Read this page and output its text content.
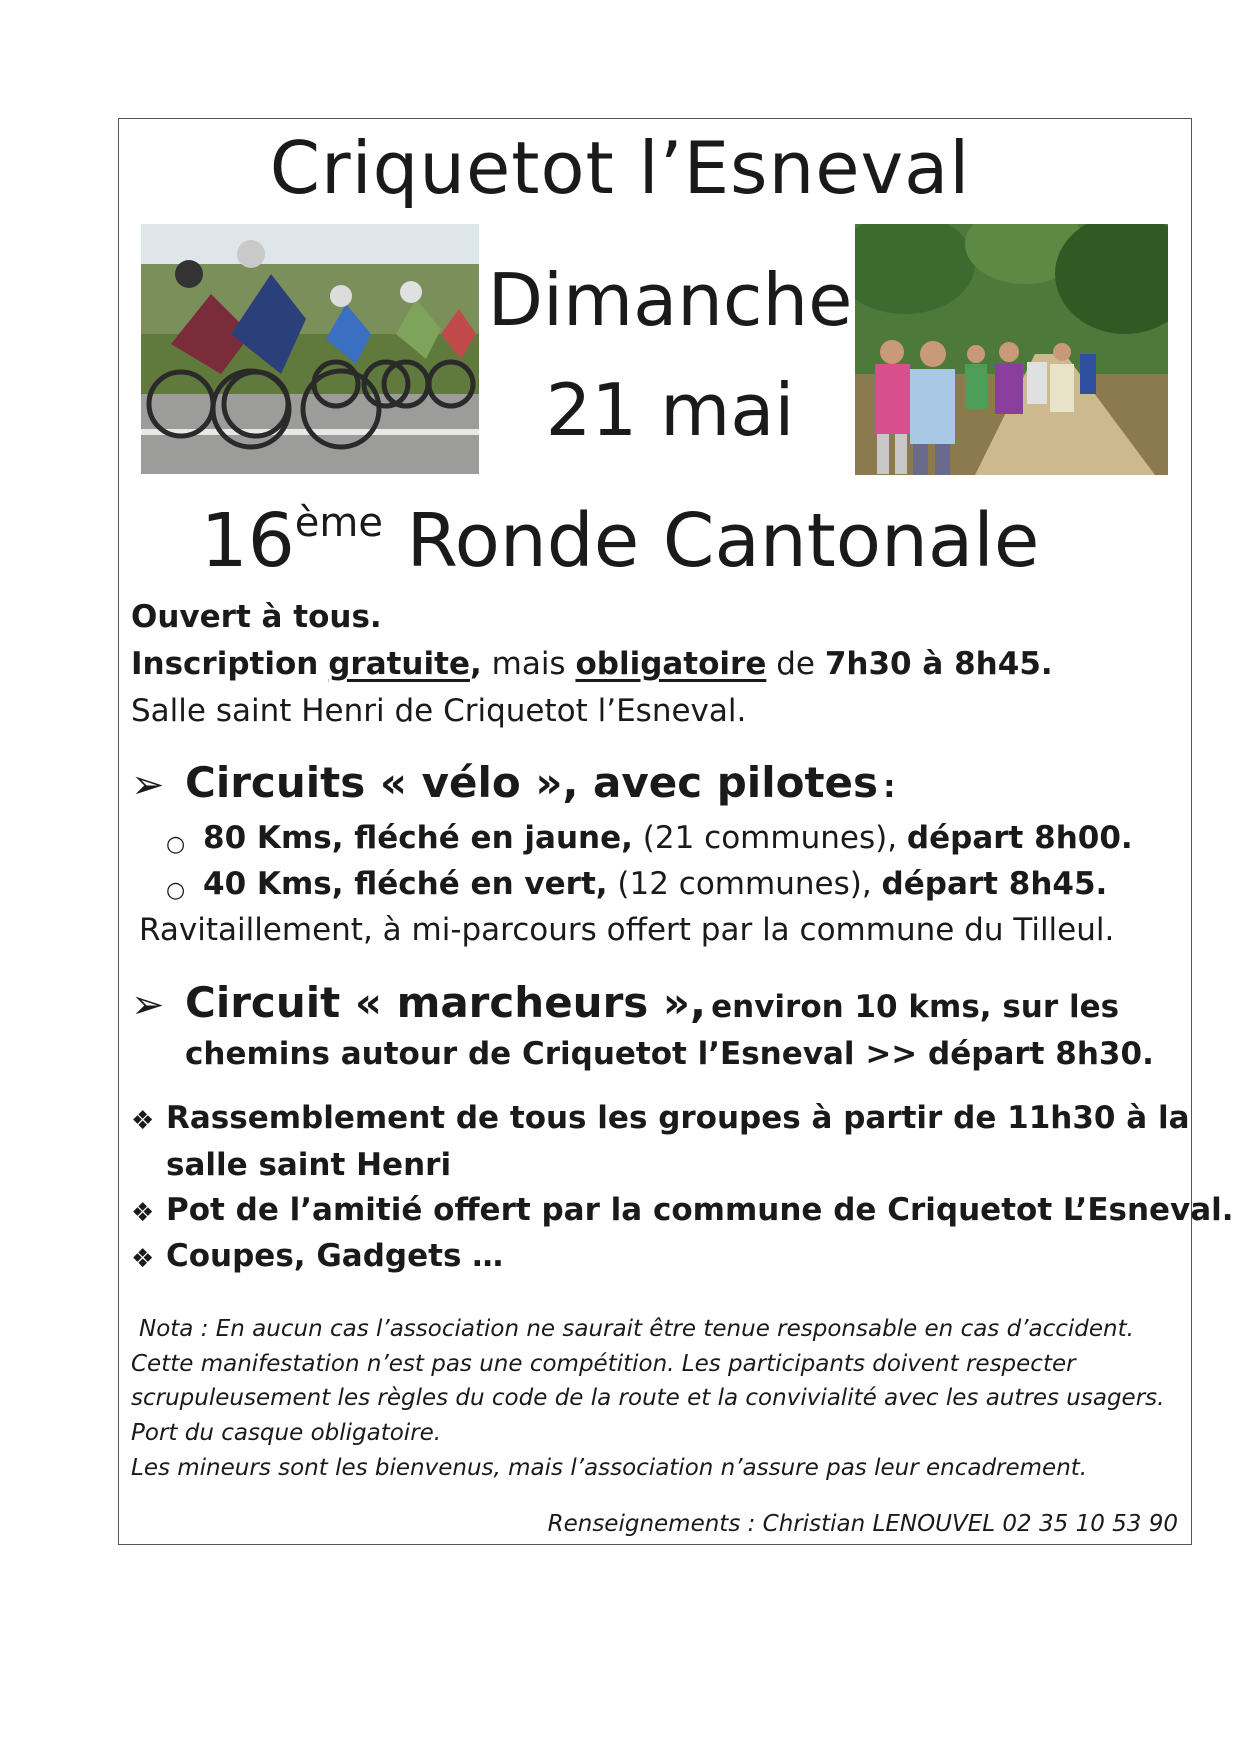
Criquetot l’Esneval
Dimanche
21 mai
16ème Ronde Cantonale
Ouvert à tous.
Inscription gratuite, mais obligatoire de 7h30 à 8h45.
Salle saint Henri de Criquetot l’Esneval.
➢ Circuits « vélo », avec pilotes :
○ 80 Kms, fléché en jaune, (21 communes), départ 8h00.
○ 40 Kms, fléché en vert, (12 communes), départ 8h45.
Ravitaillement, à mi-parcours offert par la commune du Tilleul.
➢ Circuit « marcheurs », environ 10 kms, sur les
chemins autour de Criquetot l’Esneval >> départ 8h30.
❖ Rassemblement de tous les groupes à partir de 11h30 à la
salle saint Henri
❖ Pot de l’amitié offert par la commune de Criquetot L’Esneval.
❖ Coupes, Gadgets …
Nota : En aucun cas l’association ne saurait être tenue responsable en cas d’accident.
Cette manifestation n’est pas une compétition. Les participants doivent respecter
scrupuleusement les règles du code de la route et la convivialité avec les autres usagers.
Port du casque obligatoire.
Les mineurs sont les bienvenus, mais l’association n’assure pas leur encadrement.
Renseignements : Christian LENOUVEL 02 35 10 53 90
